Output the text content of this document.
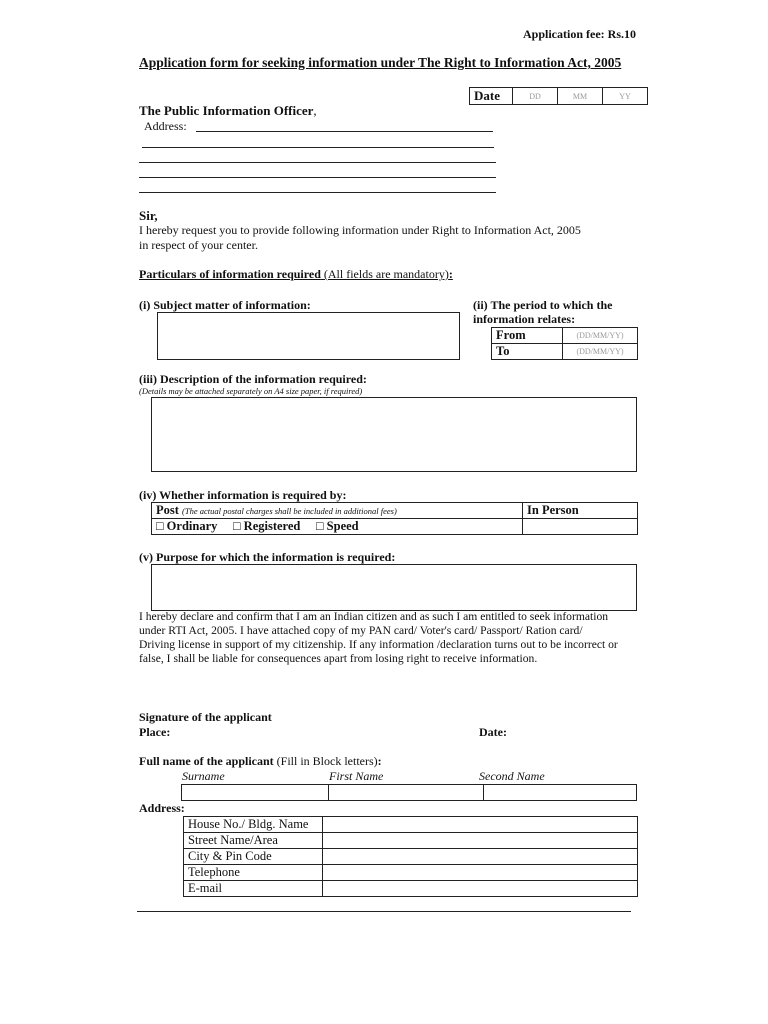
Application fee: Rs.10
Application form for seeking information under The Right to Information Act, 2005
Date	DD	MM	YY
The Public Information Officer,
Address:
Sir,
I hereby request you to provide following information under Right to Information Act, 2005
in respect of your center.
Particulars of information required (All fields are mandatory):
(i) Subject matter of information:	(ii) The period to which the
information relates:
From	(DD/MM/YY)
To	(DD/MM/YY)
(iii) Description of the information required:
(Details may be attached separately on A4 size paper, if required)
(iv) Whether information is required by:
Post (The actual postal charges shall be included in additional fees)	In Person
□ Ordinary □ Registered □ Speed	
(v) Purpose for which the information is required:
I hereby declare and confirm that I am an Indian citizen and as such I am entitled to seek information
under RTI Act, 2005. I have attached copy of my PAN card/ Voter's card/ Passport/ Ration card/
Driving license in support of my citizenship. If any information /declaration turns out to be incorrect or
false, I shall be liable for consequences apart from losing right to receive information.
Signature of the applicant
Place:	Date:
Full name of the applicant (Fill in Block letters):
Surname	First Name	Second Name

Address:
House No./ Bldg. Name	
Street Name/Area	
City & Pin Code	
Telephone	
E-mail	
